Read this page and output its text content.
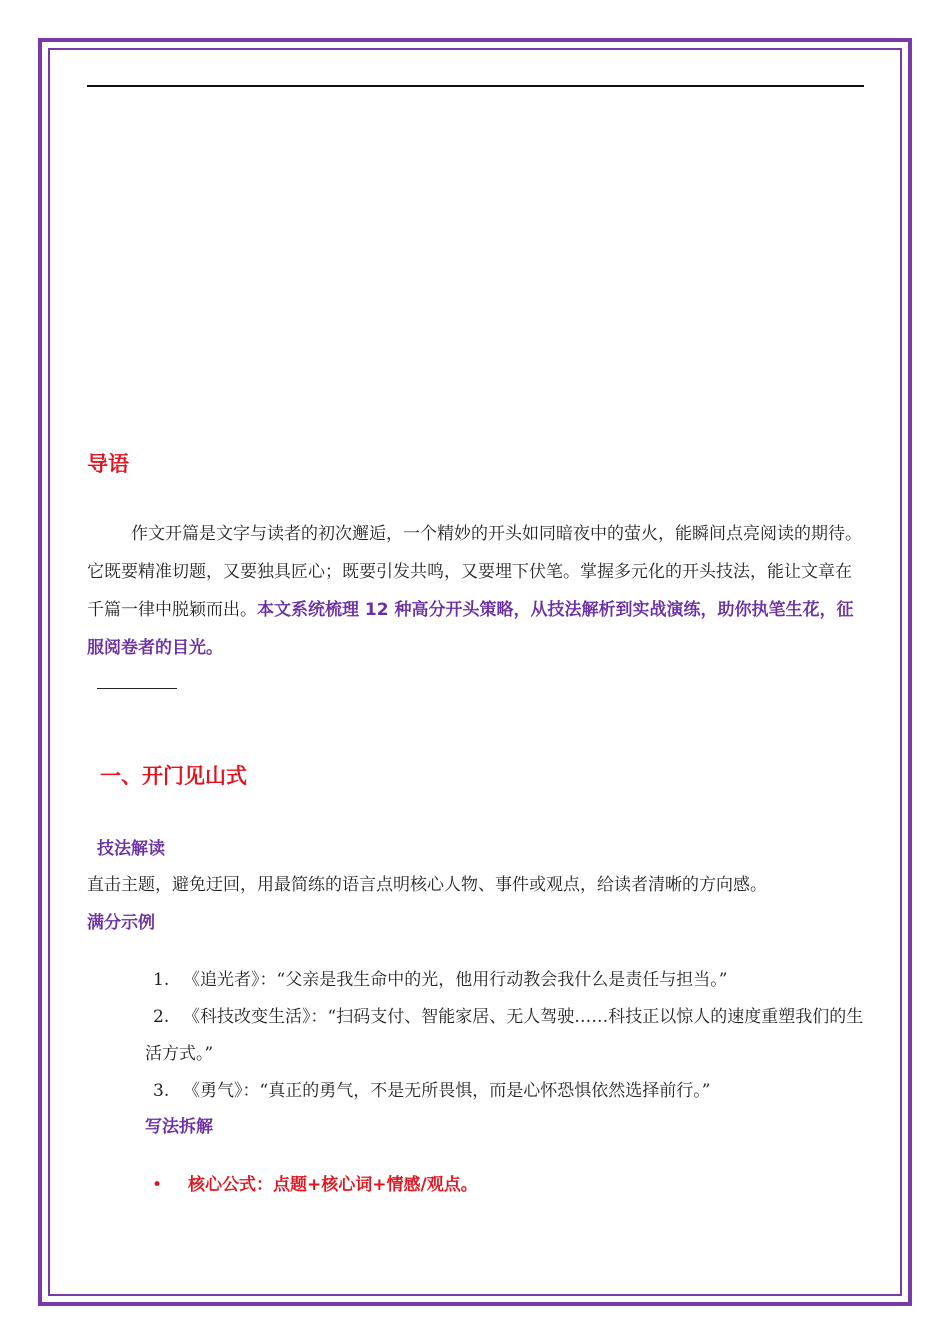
导语
作文开篇是文字与读者的初次邂逅，一个精妙的开头如同暗夜中的萤火，能瞬间点亮阅读的期待。它既要精准切题，又要独具匠心；既要引发共鸣，又要埋下伏笔。掌握多元化的开头技法，能让文章在千篇一律中脱颖而出。本文系统梳理 12 种高分开头策略，从技法解析到实战演练，助你执笔生花，征服阅卷者的目光。
一、开门见山式
技法解读
直击主题，避免迂回，用最简练的语言点明核心人物、事件或观点，给读者清晰的方向感。
满分示例
1. 《追光者》：“父亲是我生命中的光，他用行动教会我什么是责任与担当。”
2. 《科技改变生活》：“扫码支付、智能家居、无人驾驶……科技正以惊人的速度重塑我们的生活方式。”
3. 《勇气》：“真正的勇气，不是无所畏惧，而是心怀恐惧依然选择前行。”
写法拆解
• 核心公式：点题+核心词+情感/观点。
